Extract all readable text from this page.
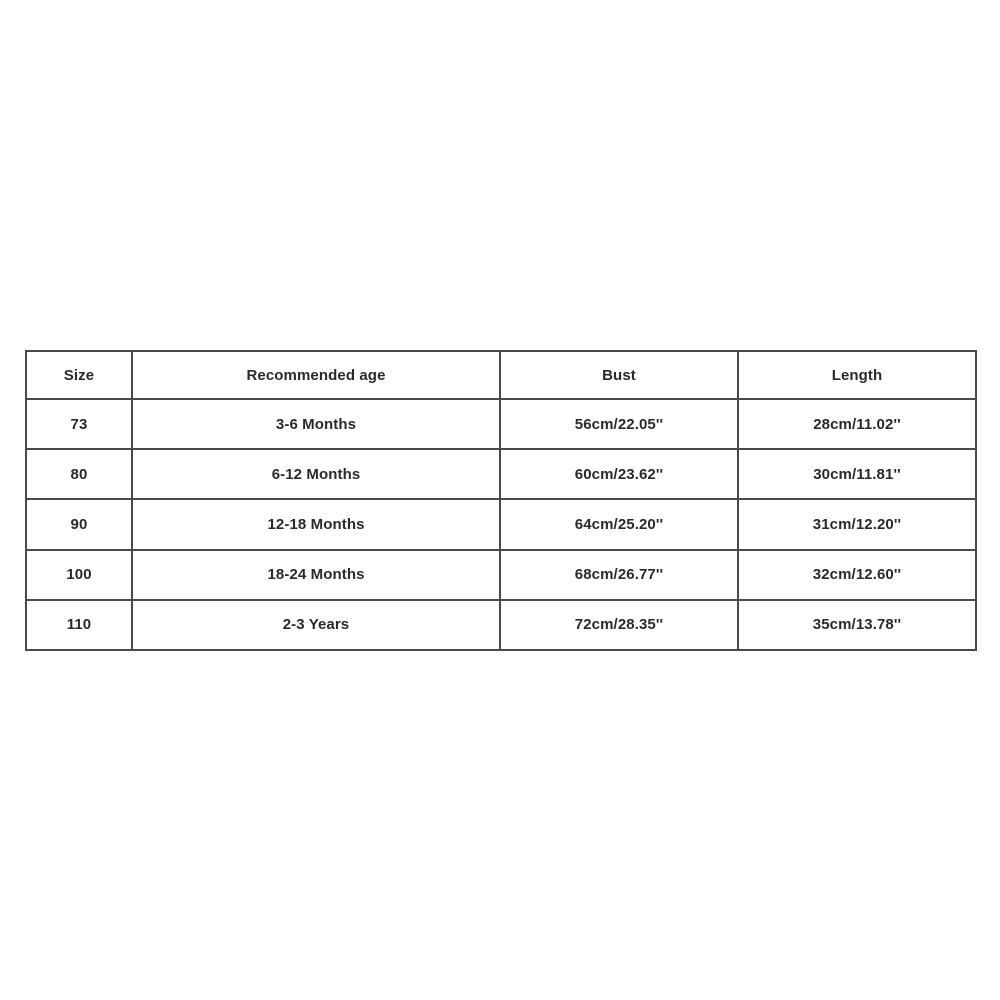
Size	Recommended age	Bust	Length
73	3-6 Months	56cm/22.05''	28cm/11.02''
80	6-12 Months	60cm/23.62''	30cm/11.81''
90	12-18 Months	64cm/25.20''	31cm/12.20''
100	18-24 Months	68cm/26.77''	32cm/12.60''
110	2-3 Years	72cm/28.35''	35cm/13.78''
